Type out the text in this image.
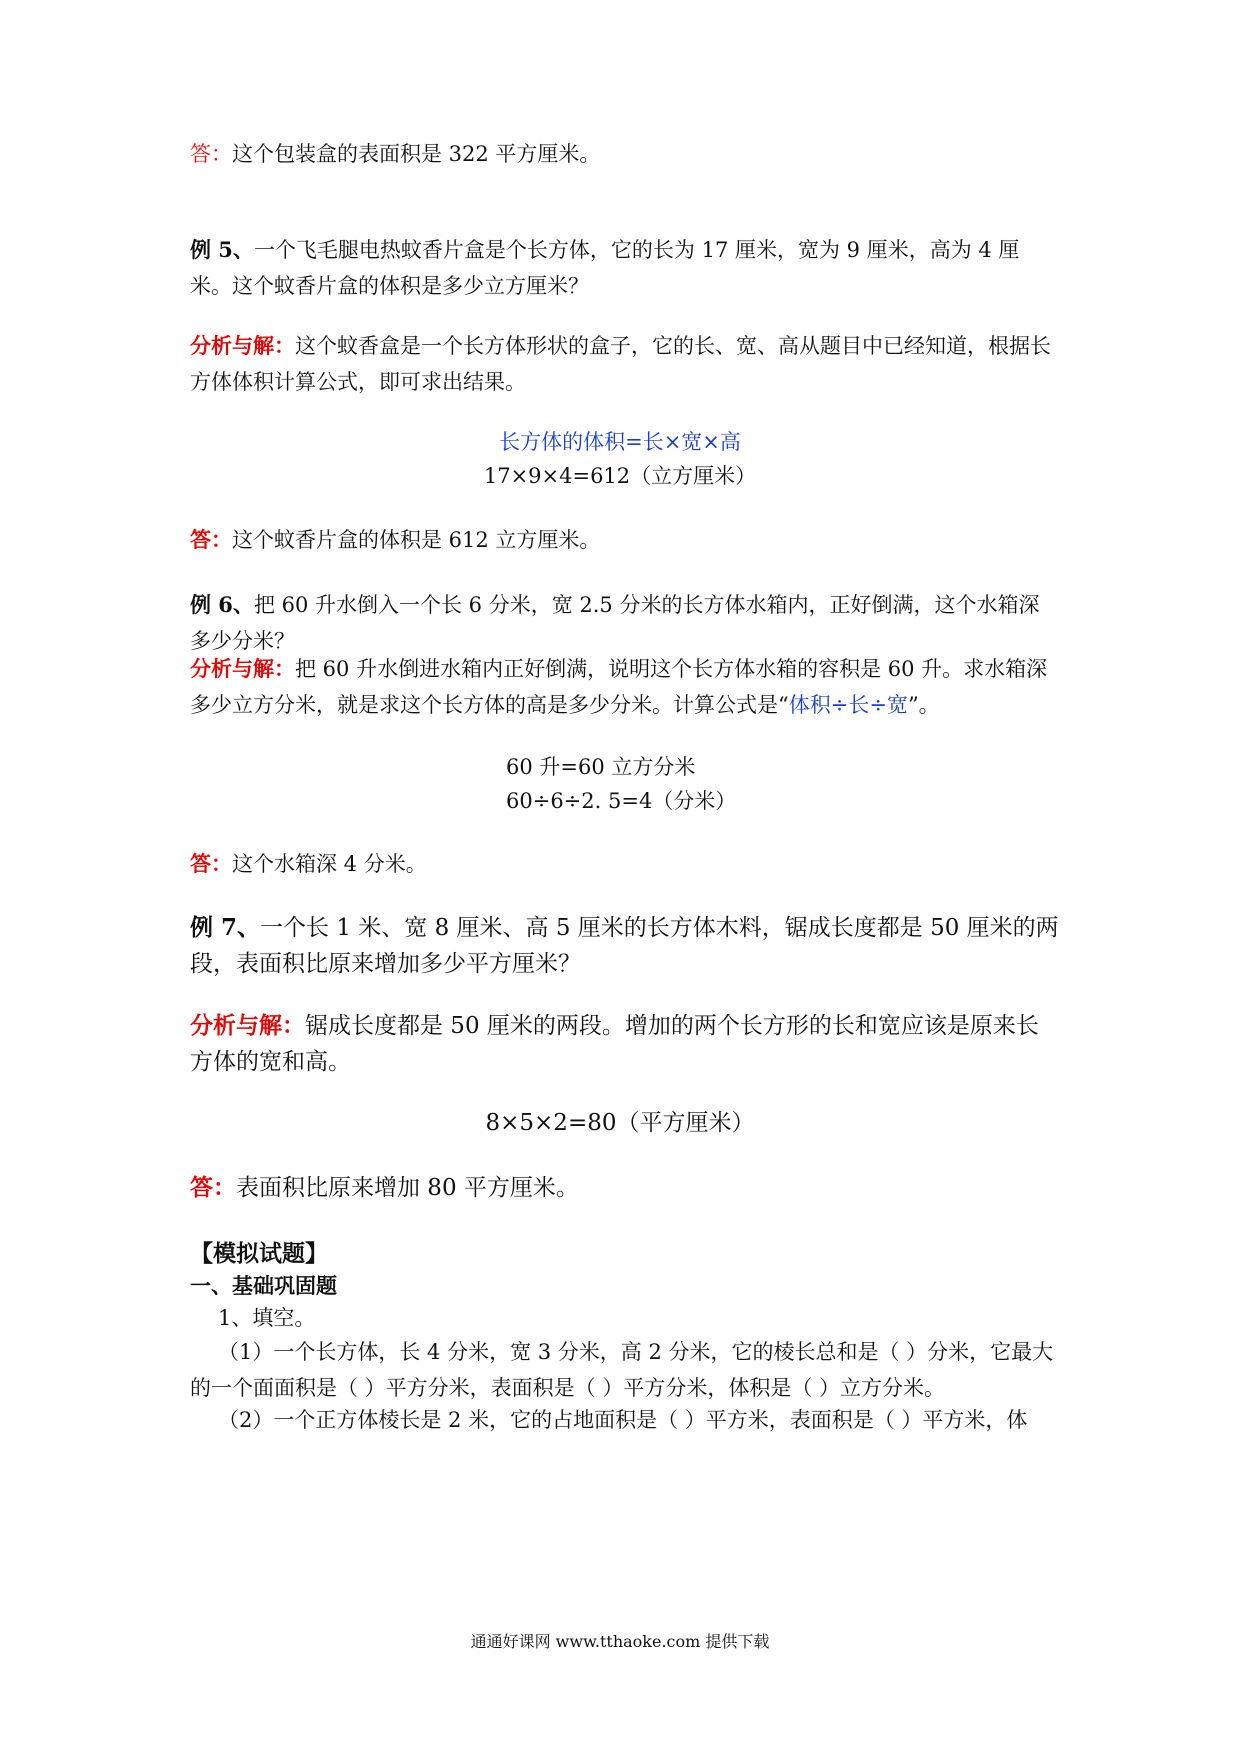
答：这个包装盒的表面积是 322 平方厘米。
例 5、一个飞毛腿电热蚊香片盒是个长方体，它的长为 17 厘米，宽为 9 厘米，高为 4 厘米。这个蚊香片盒的体积是多少立方厘米？
分析与解：这个蚊香盒是一个长方体形状的盒子，它的长、宽、高从题目中已经知道，根据长方体体积计算公式，即可求出结果。
长方体的体积=长×宽×高
17×9×4=612（立方厘米）
答：这个蚊香片盒的体积是 612 立方厘米。
例 6、把 60 升水倒入一个长 6 分米，宽 2.5 分米的长方体水箱内，正好倒满，这个水箱深多少分米？
分析与解：把 60 升水倒进水箱内正好倒满，说明这个长方体水箱的容积是 60 升。求水箱深多少立方分米，就是求这个长方体的高是多少分米。计算公式是“体积÷长÷宽”。
60 升=60 立方分米
60÷6÷2. 5=4（分米）
答：这个水箱深 4 分米。
例 7、一个长 1 米、宽 8 厘米、高 5 厘米的长方体木料，锯成长度都是 50 厘米的两段，表面积比原来增加多少平方厘米？
分析与解：锯成长度都是 50 厘米的两段。增加的两个长方形的长和宽应该是原来长方体的宽和高。
8×5×2=80（平方厘米）
答：表面积比原来增加 80 平方厘米。
【模拟试题】
一、基础巩固题
1、填空。
（1）一个长方体，长 4 分米，宽 3 分米，高 2 分米，它的棱长总和是（ ）分米，它最大的一个面面积是（ ）平方分米，表面积是（ ）平方分米，体积是（ ）立方分米。
（2）一个正方体棱长是 2 米，它的占地面积是（ ）平方米，表面积是（ ）平方米，体
通通好课网 www.tthaoke.com 提供下载
